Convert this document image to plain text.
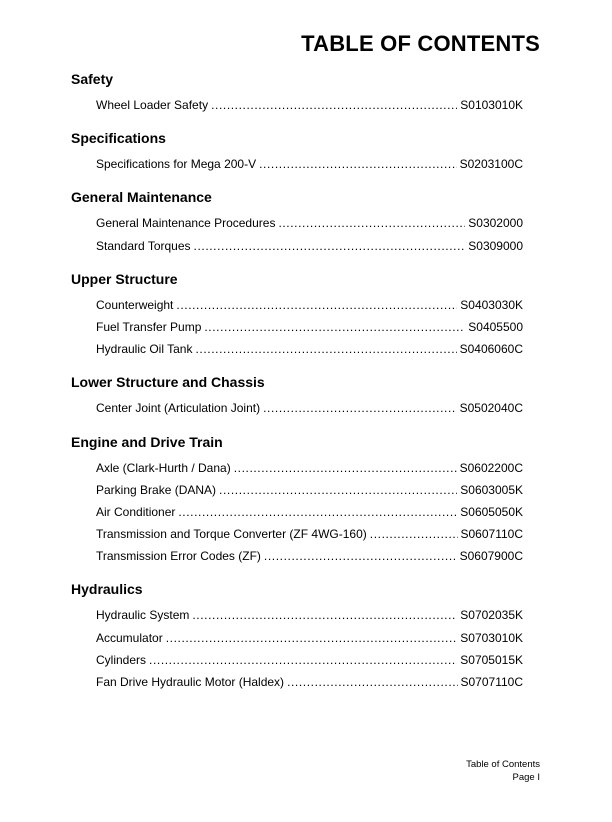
TABLE OF CONTENTS
Safety
Wheel Loader Safety .....	S0103010K
Specifications
Specifications for Mega 200-V .....	S0203100C
General Maintenance
General Maintenance Procedures .....	S0302000
Standard Torques .....	S0309000
Upper Structure
Counterweight .....	S0403030K
Fuel Transfer Pump .....	S0405500
Hydraulic Oil Tank .....	S0406060C
Lower Structure and Chassis
Center Joint (Articulation Joint) .....	S0502040C
Engine and Drive Train
Axle (Clark-Hurth / Dana) .....	S0602200C
Parking Brake (DANA) .....	S0603005K
Air Conditioner .....	S0605050K
Transmission and Torque Converter (ZF 4WG-160) .....	S0607110C
Transmission Error Codes (ZF) .....	S0607900C
Hydraulics
Hydraulic System .....	S0702035K
Accumulator .....	S0703010K
Cylinders .....	S0705015K
Fan Drive Hydraulic Motor (Haldex) .....	S0707110C
Table of Contents
Page I
